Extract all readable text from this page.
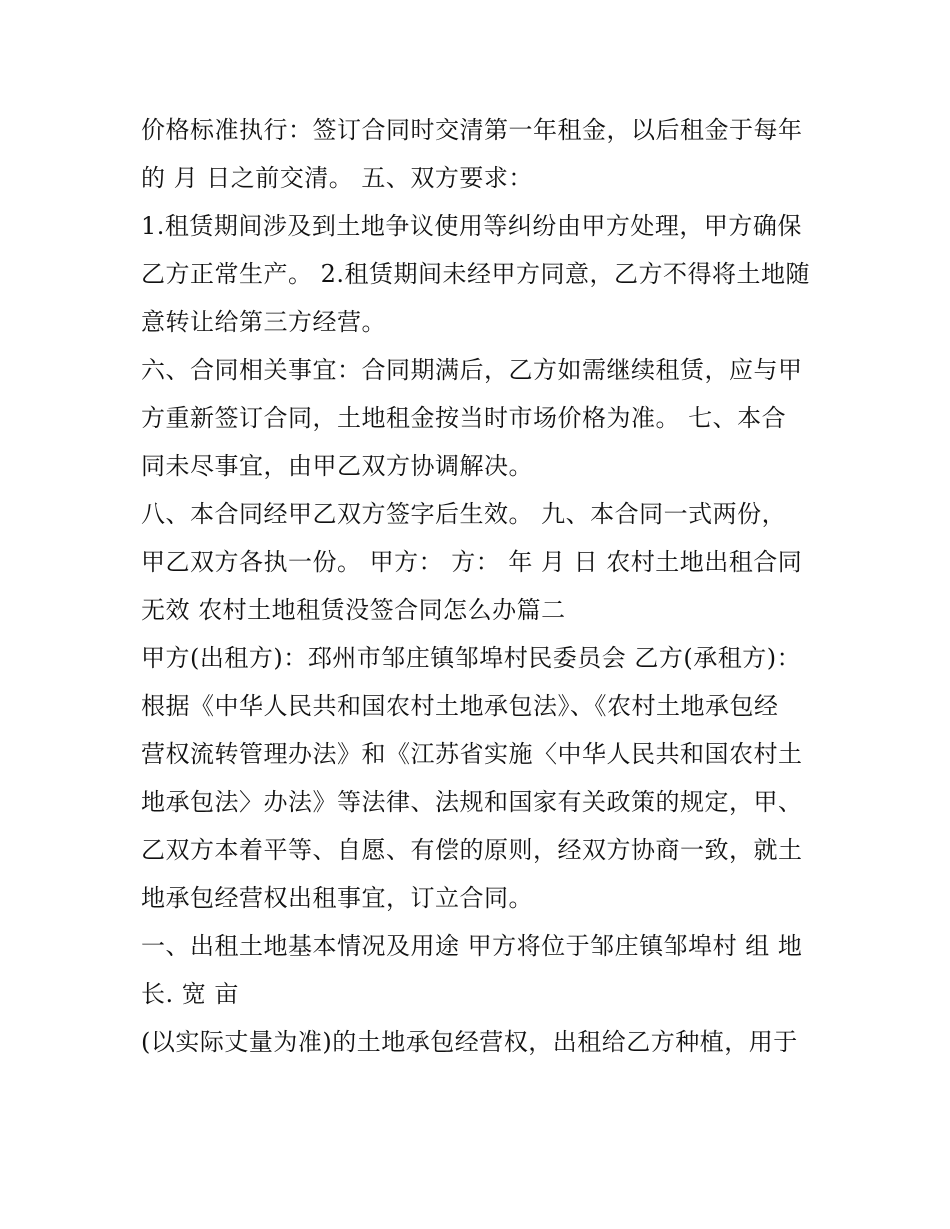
价格标准执行：签订合同时交清第一年租金，以后租金于每年
的 月 日之前交清。 五、双方要求：
1.租赁期间涉及到土地争议使用等纠纷由甲方处理，甲方确保
乙方正常生产。 2.租赁期间未经甲方同意，乙方不得将土地随
意转让给第三方经营。
六、合同相关事宜：合同期满后，乙方如需继续租赁，应与甲
方重新签订合同，土地租金按当时市场价格为准。 七、本合
同未尽事宜，由甲乙双方协调解决。
八、本合同经甲乙双方签字后生效。 九、本合同一式两份，
甲乙双方各执一份。 甲方： 方： 年 月 日 农村土地出租合同
无效 农村土地租赁没签合同怎么办篇二
甲方(出租方)：邳州市邹庄镇邹埠村民委员会 乙方(承租方)：
根据《中华人民共和国农村土地承包法》、《农村土地承包经
营权流转管理办法》和《江苏省实施〈中华人民共和国农村土
地承包法〉办法》等法律、法规和国家有关政策的规定，甲、
乙双方本着平等、自愿、有偿的原则，经双方协商一致，就土
地承包经营权出租事宜，订立合同。
一、出租土地基本情况及用途 甲方将位于邹庄镇邹埠村 组 地
长. 宽 亩
(以实际丈量为准)的土地承包经营权，出租给乙方种植，用于
